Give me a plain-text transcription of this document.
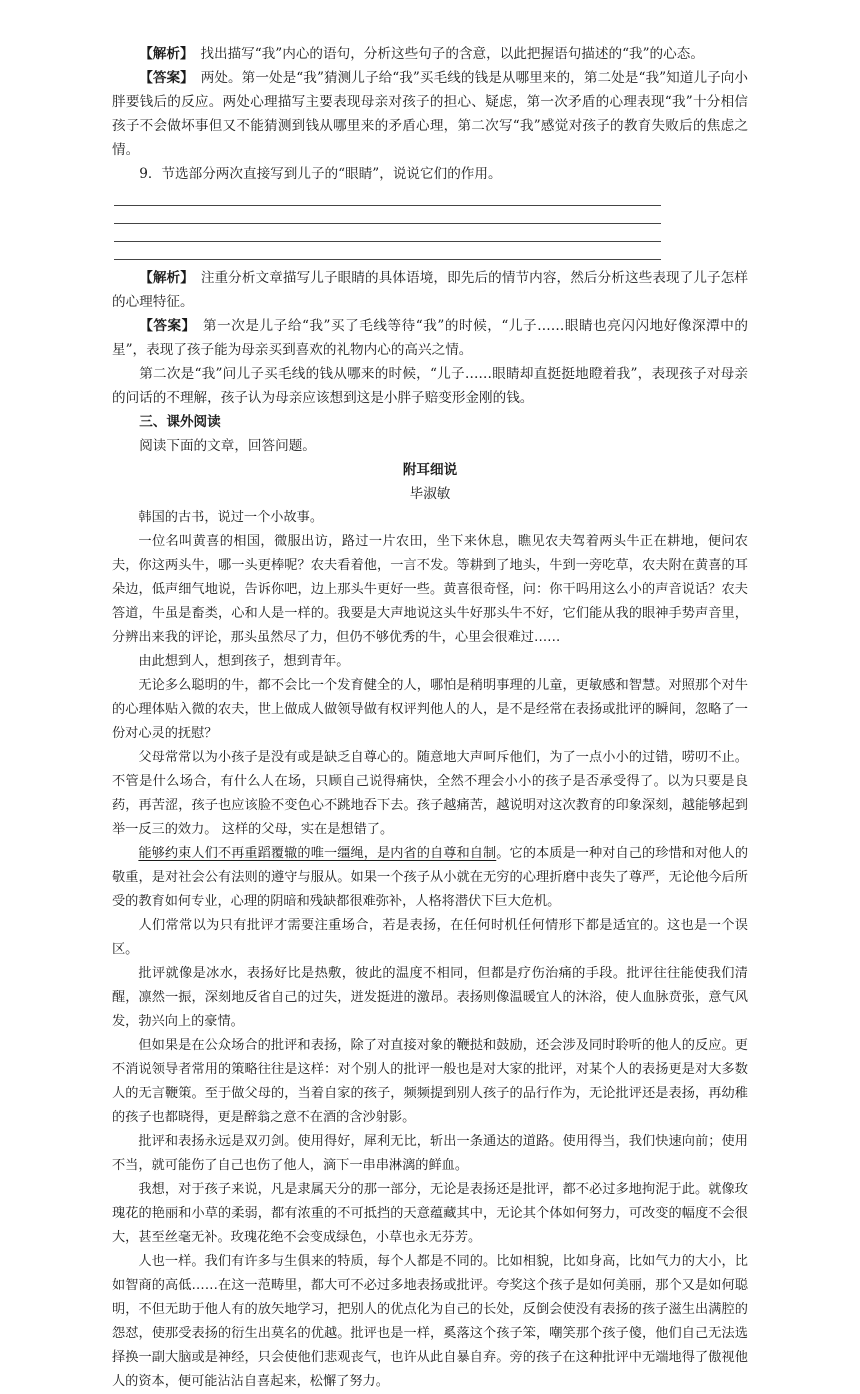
【解析】　 找出描写“我”内心的语句，分析这些句子的含意，以此把握语句描述的“我”的心态。

【答案】　 两处。第一处是“我”猜测儿子给“我”买毛线的钱是从哪里来的，第二处是“我”知道儿子向小胖要钱后的反应。两处心理描写主要表现母亲对孩子的担心、疑虑，第一次矛盾的心理表现“我”十分相信孩子不会做坏事但又不能猜测到钱从哪里来的矛盾心理，第二次写“我”感觉对孩子的教育失败后的焦虑之情。

9．节选部分两次直接写到儿子的“眼睛”，说说它们的作用。

【解析】　 注重分析文章描写儿子眼睛的具体语境，即先后的情节内容，然后分析这些表现了儿子怎样的心理特征。

【答案】　 第一次是儿子给“我”买了毛线等待“我”的时候，“儿子……眼睛也亮闪闪地好像深潭中的星”，表现了孩子能为母亲买到喜欢的礼物内心的高兴之情。

第二次是“我”问儿子买毛线的钱从哪来的时候，“儿子……眼睛却直挺挺地瞪着我”，表现孩子对母亲的问话的不理解，孩子认为母亲应该想到这是小胖子赔变形金刚的钱。

三、课外阅读

阅读下面的文章，回答问题。

附耳细说

毕淑敏

韩国的古书，说过一个小故事。

一位名叫黄喜的相国，微服出访，路过一片农田，坐下来休息，瞧见农夫驾着两头牛正在耕地，便问农夫，你这两头牛，哪一头更棒呢？农夫看着他，一言不发。等耕到了地头，牛到一旁吃草，农夫附在黄喜的耳朵边，低声细气地说，告诉你吧，边上那头牛更好一些。黄喜很奇怪，问：你干吗用这么小的声音说话？农夫答道，牛虽是畜类，心和人是一样的。我要是大声地说这头牛好那头牛不好，它们能从我的眼神手势声音里，分辨出来我的评论，那头虽然尽了力，但仍不够优秀的牛，心里会很难过……

由此想到人，想到孩子，想到青年。

无论多么聪明的牛，都不会比一个发育健全的人，哪怕是稍明事理的儿童，更敏感和智慧。对照那个对牛的心理体贴入微的农夫，世上做成人做领导做有权评判他人的人，是不是经常在表扬或批评的瞬间，忽略了一份对心灵的抚慰？

父母常常以为小孩子是没有或是缺乏自尊心的。随意地大声呵斥他们，为了一点小小的过错，唠叨不止。不管是什么场合，有什么人在场，只顾自己说得痛快，全然不理会小小的孩子是否承受得了。以为只要是良药，再苦涩，孩子也应该脸不变色心不跳地吞下去。孩子越痛苦，越说明对这次教育的印象深刻，越能够起到举一反三的效力。 这样的父母，实在是想错了。

能够约束人们不再重蹈覆辙的唯一缰绳，是内省的自尊和自制。它的本质是一种对自己的珍惜和对他人的敬重，是对社会公有法则的遵守与服从。如果一个孩子从小就在无穷的心理折磨中丧失了尊严，无论他今后所受的教育如何专业，心理的阴暗和残缺都很难弥补，人格将潜伏下巨大危机。

人们常常以为只有批评才需要注重场合，若是表扬，在任何时机任何情形下都是适宜的。这也是一个误区。

批评就像是冰水，表扬好比是热敷，彼此的温度不相同，但都是疗伤治痛的手段。批评往往能使我们清醒，凛然一振，深刻地反省自己的过失，迸发挺进的激昂。表扬则像温暖宜人的沐浴，使人血脉贲张，意气风发，勃兴向上的豪情。

但如果是在公众场合的批评和表扬，除了对直接对象的鞭挞和鼓励，还会涉及同时聆听的他人的反应。更不消说领导者常用的策略往往是这样：对个别人的批评一般也是对大家的批评，对某个人的表扬更是对大多数人的无言鞭策。至于做父母的，当着自家的孩子，频频提到别人孩子的品行作为，无论批评还是表扬，再幼稚的孩子也都晓得，更是醉翁之意不在酒的含沙射影。

批评和表扬永远是双刃剑。使用得好，犀利无比，斩出一条通达的道路。使用得当，我们快速向前；使用不当，就可能伤了自己也伤了他人，滴下一串串淋漓的鲜血。

我想，对于孩子来说，凡是隶属天分的那一部分，无论是表扬还是批评，都不必过多地拘泥于此。就像玫瑰花的艳丽和小草的柔弱，都有浓重的不可抵挡的天意蕴藏其中，无论其个体如何努力，可改变的幅度不会很大，甚至丝毫无补。玫瑰花绝不会变成绿色，小草也永无芬芳。

人也一样。我们有许多与生俱来的特质，每个人都是不同的。比如相貌，比如身高，比如气力的大小，比如智商的高低……在这一范畴里，都大可不必过多地表扬或批评。夸奖这个孩子是如何美丽，那个又是如何聪明，不但无助于他人有的放矢地学习，把别人的优点化为自己的长处，反倒会使没有表扬的孩子滋生出满腔的怨怼，使那受表扬的衍生出莫名的优越。批评也是一样，奚落这个孩子笨，嘲笑那个孩子傻，他们自己无法选择换一副大脑或是神经，只会使他们悲观丧气，也许从此自暴自弃。旁的孩子在这种批评中无端地得了傲视他人的资本，便可能沾沾自喜起来，松懈了努力。
